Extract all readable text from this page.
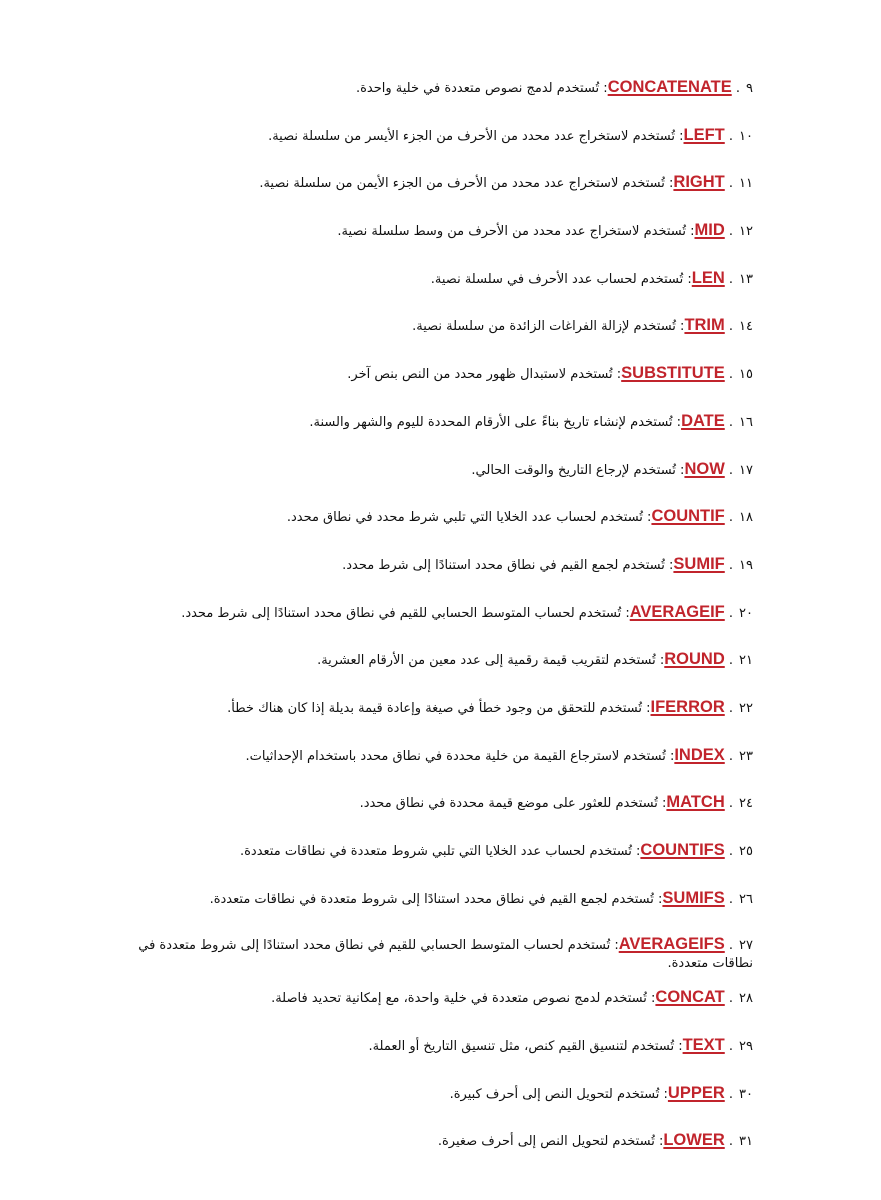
٩. CONCATENATE: تُستخدم لدمج نصوص متعددة في خلية واحدة.
١٠. LEFT: تُستخدم لاستخراج عدد محدد من الأحرف من الجزء الأيسر من سلسلة نصية.
١١. RIGHT: تُستخدم لاستخراج عدد محدد من الأحرف من الجزء الأيمن من سلسلة نصية.
١٢. MID: تُستخدم لاستخراج عدد محدد من الأحرف من وسط سلسلة نصية.
١٣. LEN: تُستخدم لحساب عدد الأحرف في سلسلة نصية.
١٤. TRIM: تُستخدم لإزالة الفراغات الزائدة من سلسلة نصية.
١٥. SUBSTITUTE: تُستخدم لاستبدال ظهور محدد من النص بنص آخر.
١٦. DATE: تُستخدم لإنشاء تاريخ بناءً على الأرقام المحددة لليوم والشهر والسنة.
١٧. NOW: تُستخدم لإرجاع التاريخ والوقت الحالي.
١٨. COUNTIF: تُستخدم لحساب عدد الخلايا التي تلبي شرط محدد في نطاق محدد.
١٩. SUMIF: تُستخدم لجمع القيم في نطاق محدد استنادًا إلى شرط محدد.
٢٠. AVERAGEIF: تُستخدم لحساب المتوسط الحسابي للقيم في نطاق محدد استنادًا إلى شرط محدد.
٢١. ROUND: تُستخدم لتقريب قيمة رقمية إلى عدد معين من الأرقام العشرية.
٢٢. IFERROR: تُستخدم للتحقق من وجود خطأ في صيغة وإعادة قيمة بديلة إذا كان هناك خطأ.
٢٣. INDEX: تُستخدم لاسترجاع القيمة من خلية محددة في نطاق محدد باستخدام الإحداثيات.
٢٤. MATCH: تُستخدم للعثور على موضع قيمة محددة في نطاق محدد.
٢٥. COUNTIFS: تُستخدم لحساب عدد الخلايا التي تلبي شروط متعددة في نطاقات متعددة.
٢٦. SUMIFS: تُستخدم لجمع القيم في نطاق محدد استنادًا إلى شروط متعددة في نطاقات متعددة.
٢٧. AVERAGEIFS: تُستخدم لحساب المتوسط الحسابي للقيم في نطاق محدد استنادًا إلى شروط متعددة في نطاقات متعددة.
٢٨. CONCAT: تُستخدم لدمج نصوص متعددة في خلية واحدة، مع إمكانية تحديد فاصلة.
٢٩. TEXT: تُستخدم لتنسيق القيم كنص، مثل تنسيق التاريخ أو العملة.
٣٠. UPPER: تُستخدم لتحويل النص إلى أحرف كبيرة.
٣١. LOWER: تُستخدم لتحويل النص إلى أحرف صغيرة.
